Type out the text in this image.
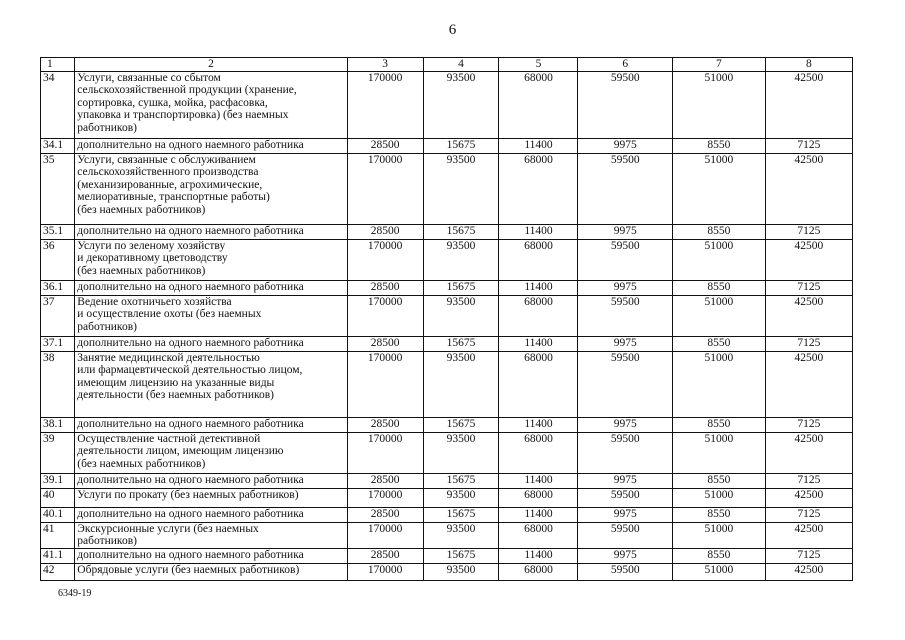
6
1	2	3	4	5	6	7	8
34	Услуги, связанные со сбытом
сельскохозяйственной продукции (хранение,
сортировка, сушка, мойка, расфасовка,
упаковка и транспортировка) (без наемных
работников)	170000	93500	68000	59500	51000	42500
34.1	дополнительно на одного наемного работника	28500	15675	11400	9975	8550	7125
35	Услуги, связанные с обслуживанием
сельскохозяйственного производства
(механизированные, агрохимические,
мелиоративные, транспортные работы)
(без наемных работников)	170000	93500	68000	59500	51000	42500
35.1	дополнительно на одного наемного работника	28500	15675	11400	9975	8550	7125
36	Услуги по зеленому хозяйству
и декоративному цветоводству
(без наемных работников)	170000	93500	68000	59500	51000	42500
36.1	дополнительно на одного наемного работника	28500	15675	11400	9975	8550	7125
37	Ведение охотничьего хозяйства
и осуществление охоты (без наемных
работников)	170000	93500	68000	59500	51000	42500
37.1	дополнительно на одного наемного работника	28500	15675	11400	9975	8550	7125
38	Занятие медицинской деятельностью
или фармацевтической деятельностью лицом,
имеющим лицензию на указанные виды
деятельности (без наемных работников)	170000	93500	68000	59500	51000	42500
38.1	дополнительно на одного наемного работника	28500	15675	11400	9975	8550	7125
39	Осуществление частной детективной
деятельности лицом, имеющим лицензию
(без наемных работников)	170000	93500	68000	59500	51000	42500
39.1	дополнительно на одного наемного работника	28500	15675	11400	9975	8550	7125
40	Услуги по прокату (без наемных работников)	170000	93500	68000	59500	51000	42500
40.1	дополнительно на одного наемного работника	28500	15675	11400	9975	8550	7125
41	Экскурсионные услуги (без наемных
работников)	170000	93500	68000	59500	51000	42500
41.1	дополнительно на одного наемного работника	28500	15675	11400	9975	8550	7125
42	Обрядовые услуги (без наемных работников)	170000	93500	68000	59500	51000	42500
6349-19
